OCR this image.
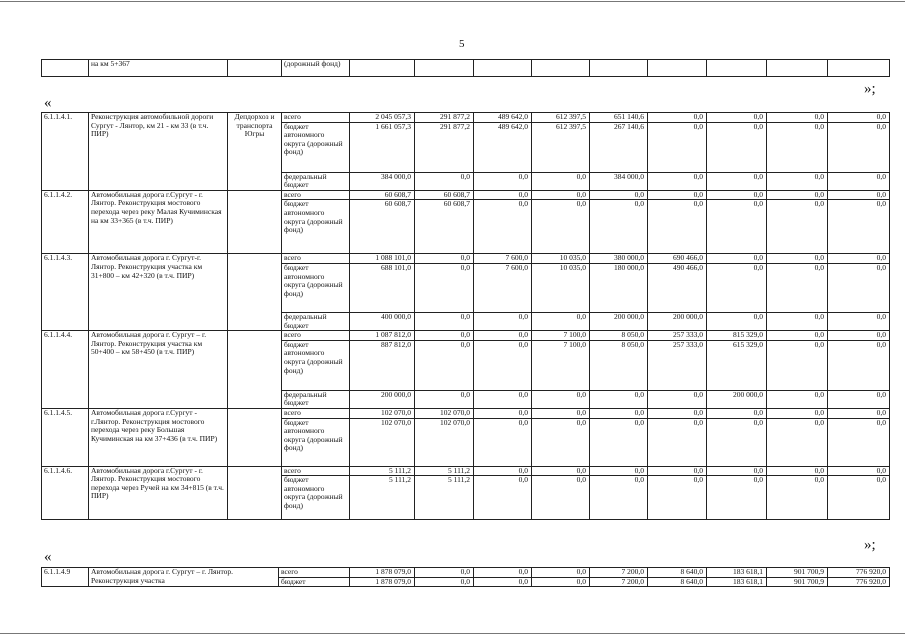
5
	на км 5+367		(дорожный фонд)									
»;
«
6.1.1.4.1.	Реконструкция автомобильной дороги Сургут - Лянтор, км 21 - км 33 (в т.ч. ПИР)	Депдорхоз и транспорта Югры	всего	2 045 057,3	291 877,2	489 642,0	612 397,5	651 140,6	0,0	0,0	0,0	0,0
			бюджет автономного округа (дорожный фонд)	1 661 057,3	291 877,2	489 642,0	612 397,5	267 140,6	0,0	0,0	0,0	0,0
			федеральный бюджет	384 000,0	0,0	0,0	0,0	384 000,0	0,0	0,0	0,0	0,0
6.1.1.4.2.	Автомобильная дорога г.Сургут - г. Лянтор. Реконструкция мостового перехода через реку Малая Кучиминская на км 33+365 (в т.ч. ПИР)		всего	60 608,7	60 608,7	0,0	0,0	0,0	0,0	0,0	0,0	0,0
			бюджет автономного округа (дорожный фонд)	60 608,7	60 608,7	0,0	0,0	0,0	0,0	0,0	0,0	0,0
6.1.1.4.3.	Автомобильная дорога г. Сургут-г. Лянтор. Реконструкция участка км 31+800 – км 42+320 (в т.ч. ПИР)		всего	1 088 101,0	0,0	7 600,0	10 035,0	380 000,0	690 466,0	0,0	0,0	0,0
			бюджет автономного округа (дорожный фонд)	688 101,0	0,0	7 600,0	10 035,0	180 000,0	490 466,0	0,0	0,0	0,0
			федеральный бюджет	400 000,0	0,0	0,0	0,0	200 000,0	200 000,0	0,0	0,0	0,0
6.1.1.4.4.	Автомобильная дорога г. Сургут – г. Лянтор. Реконструкция участка км 50+400 – км 58+450 (в т.ч. ПИР)		всего	1 087 812,0	0,0	0,0	7 100,0	8 050,0	257 333,0	815 329,0	0,0	0,0
			бюджет автономного округа (дорожный фонд)	887 812,0	0,0	0,0	7 100,0	8 050,0	257 333,0	615 329,0	0,0	0,0
			федеральный бюджет	200 000,0	0,0	0,0	0,0	0,0	0,0	200 000,0	0,0	0,0
6.1.1.4.5.	Автомобильная дорога г.Сургут - г.Лянтор. Реконструкция мостового перехода через реку Большая Кучиминская на км 37+436 (в т.ч. ПИР)		всего	102 070,0	102 070,0	0,0	0,0	0,0	0,0	0,0	0,0	0,0
			бюджет автономного округа (дорожный фонд)	102 070,0	102 070,0	0,0	0,0	0,0	0,0	0,0	0,0	0,0
6.1.1.4.6.	Автомобильная дорога г.Сургут - г. Лянтор. Реконструкция мостового перехода через Ручей на км 34+815 (в т.ч. ПИР)		всего	5 111,2	5 111,2	0,0	0,0	0,0	0,0	0,0	0,0	0,0
			бюджет автономного округа (дорожный фонд)	5 111,2	5 111,2	0,0	0,0	0,0	0,0	0,0	0,0	0,0
»;
«
6.1.1.4.9	Автомобильная дорога г. Сургут – г. Лянтор. Реконструкция участка	всего	1 878 079,0	0,0	0,0	0,0	7 200,0	8 640,0	183 618,1	901 700,9	776 920,0
		бюджет	1 878 079,0	0,0	0,0	0,0	7 200,0	8 640,0	183 618,1	901 700,9	776 920,0
